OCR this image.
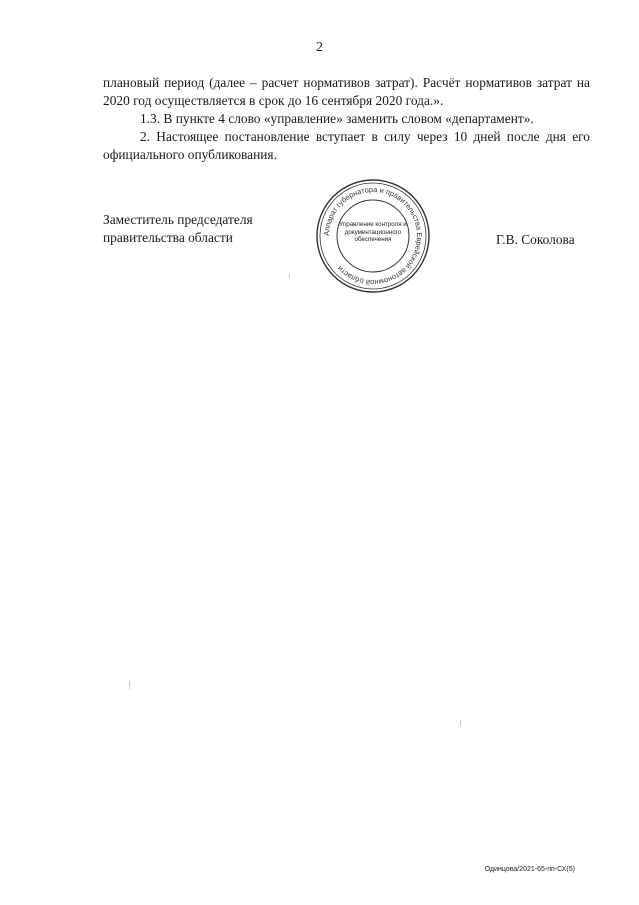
2

плановый период (далее – расчет нормативов затрат). Расчёт нормативов затрат на 2020 год осуществляется в срок до 16 сентября 2020 года.».

1.3. В пункте 4 слово «управление» заменить словом «департамент».

2. Настоящее постановление вступает в силу через 10 дней после дня его официального опубликования.

Заместитель председателя
правительства области	Аппарат губернатора и правительства Еврейской автономной области
Управление контроля и
документационного
обеспечения	Г.В. Соколова
Одинцова/2021-65-пп-СХ(5)
